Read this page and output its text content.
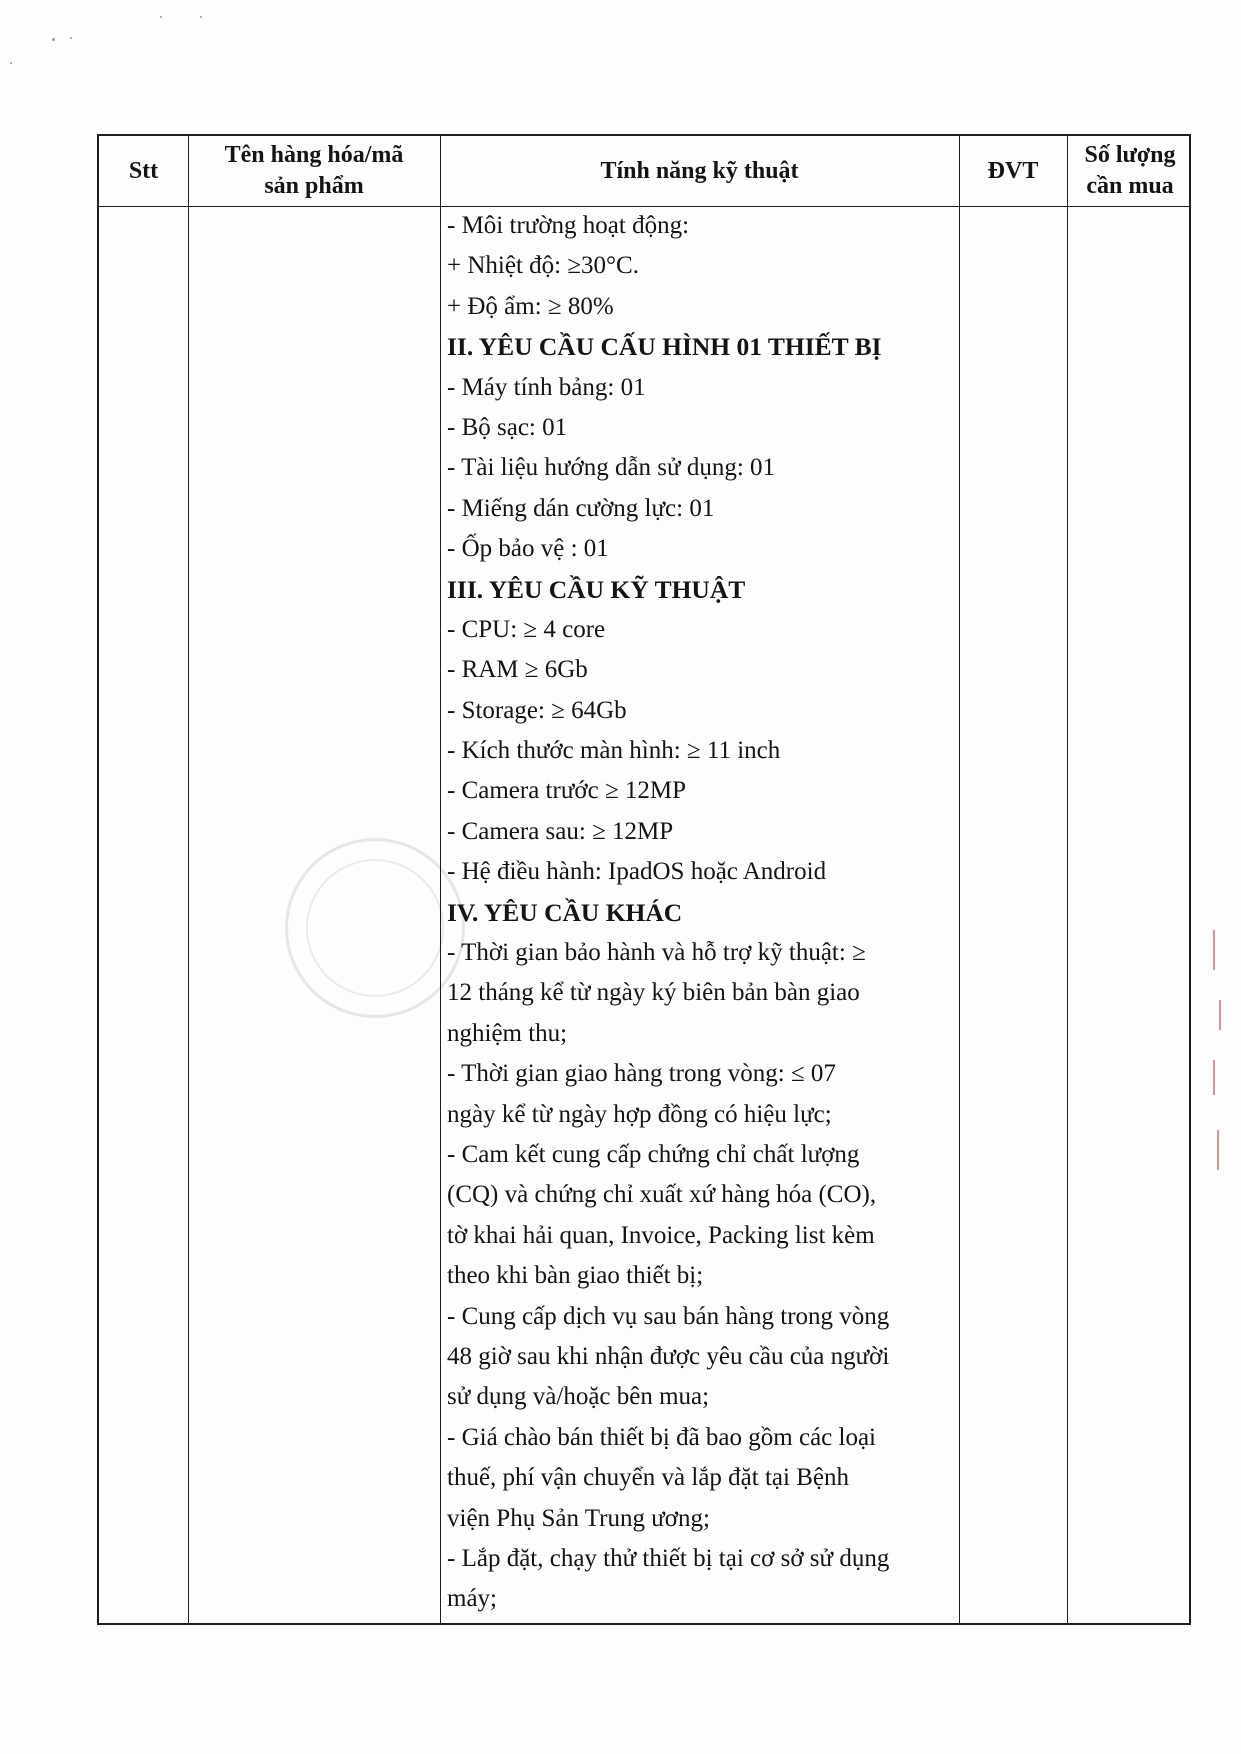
Stt
Tên hàng hóa/mã
sản phẩm
Tính năng kỹ thuật	ĐVT
Số lượng
cần mua
- Môi trường hoạt động:
+ Nhiệt độ: ≥30°C.
+ Độ ẩm: ≥ 80%
II. YÊU CẦU CẤU HÌNH 01 THIẾT BỊ
- Máy tính bảng: 01
- Bộ sạc: 01
- Tài liệu hướng dẫn sử dụng: 01
- Miếng dán cường lực: 01
- Ốp bảo vệ : 01
III. YÊU CẦU KỸ THUẬT
- CPU: ≥ 4 core
- RAM ≥ 6Gb
- Storage: ≥ 64Gb
- Kích thước màn hình: ≥ 11 inch
- Camera trước ≥ 12MP
- Camera sau: ≥ 12MP
- Hệ điều hành: IpadOS hoặc Android
IV. YÊU CẦU KHÁC
- Thời gian bảo hành và hỗ trợ kỹ thuật: ≥
12 tháng kể từ ngày ký biên bản bàn giao
nghiệm thu;
- Thời gian giao hàng trong vòng: ≤ 07
ngày kể từ ngày hợp đồng có hiệu lực;
- Cam kết cung cấp chứng chỉ chất lượng
(CQ) và chứng chỉ xuất xứ hàng hóa (CO),
tờ khai hải quan, Invoice, Packing list kèm
theo khi bàn giao thiết bị;
- Cung cấp dịch vụ sau bán hàng trong vòng
48 giờ sau khi nhận được yêu cầu của người
sử dụng và/hoặc bên mua;
- Giá chào bán thiết bị đã bao gồm các loại
thuế, phí vận chuyển và lắp đặt tại Bệnh
viện Phụ Sản Trung ương;
- Lắp đặt, chạy thử thiết bị tại cơ sở sử dụng
máy;
